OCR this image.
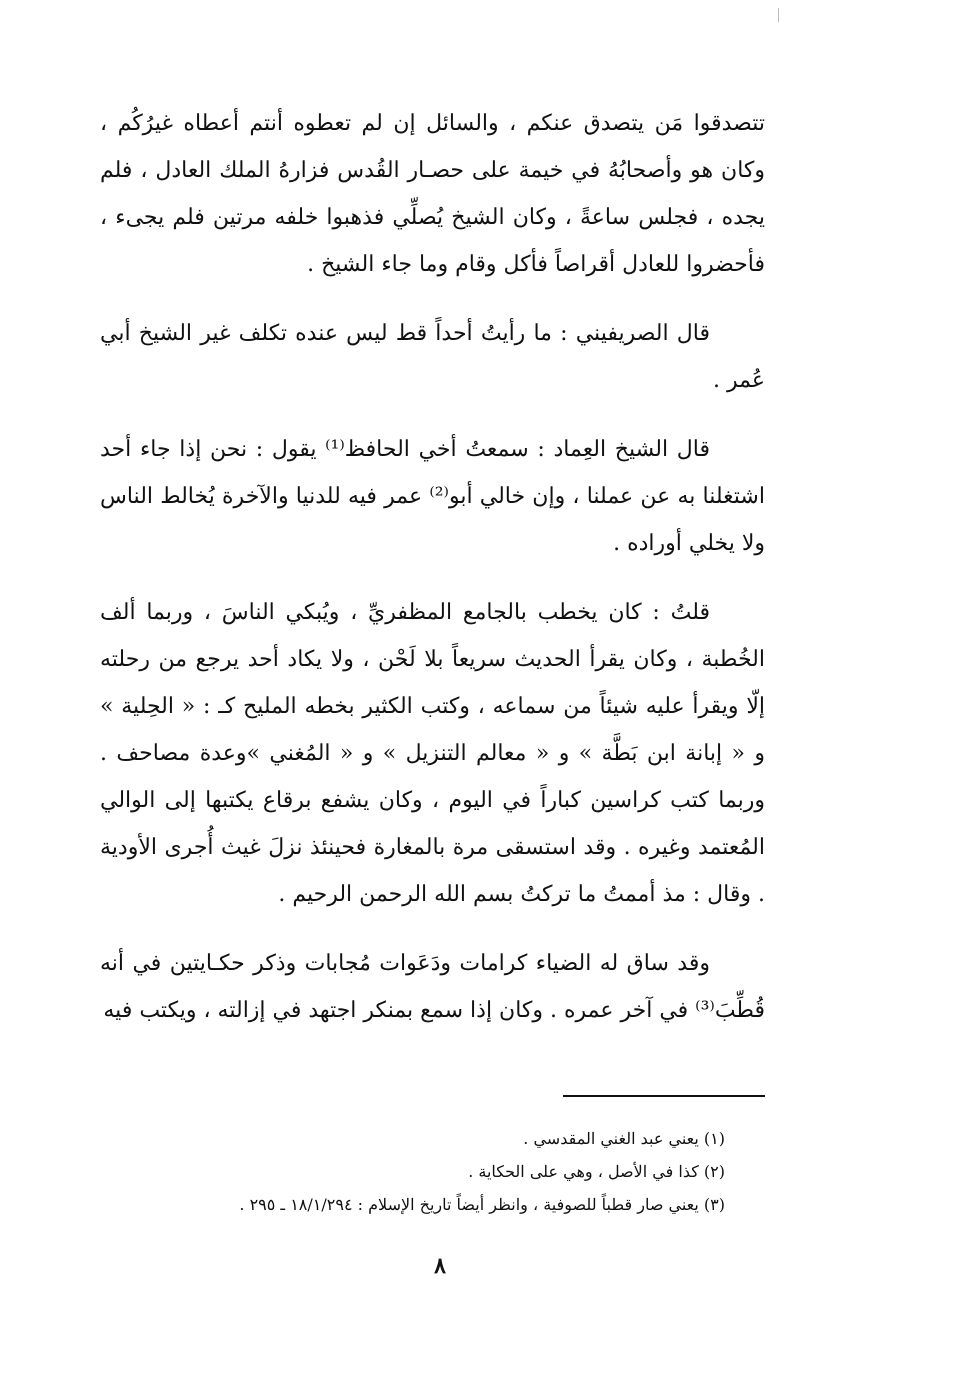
تتصدقوا مَن يتصدق عنكم ، والسائل إن لم تعطوه أنتم أعطاه غيرُكُم ، وكان هو وأصحابُهُ في خيمة على حصـار القُدس فزارهُ الملك العادل ، فلم يجده ، فجلس ساعةً ، وكان الشيخ يُصلِّي فذهبوا خلفه مرتين فلم يجىء ، فأحضروا للعادل أقراصاً فأكل وقام وما جاء الشيخ .

قال الصريفيني : ما رأيتُ أحداً قط ليس عنده تكلف غير الشيخ أبي عُمر .

قال الشيخ العِماد : سمعتُ أخي الحافظ⁽¹⁾ يقول : نحن إذا جاء أحد اشتغلنا به عن عملنا ، وإن خالي أبو⁽²⁾ عمر فيه للدنيا والآخرة يُخالط الناس ولا يخلي أوراده .

قلتُ : كان يخطب بالجامع المظفريِّ ، ويُبكي الناسَ ، وربما ألف الخُطبة ، وكان يقرأ الحديث سريعاً بلا لَحْن ، ولا يكاد أحد يرجع من رحلته إلّا ويقرأ عليه شيئاً من سماعه ، وكتب الكثير بخطه المليح كـ : « الحِلية » و « إبانة ابن بَطَّة » و « معالم التنزيل » و « المُغني »وعدة مصاحف . وربما كتب كراسين كباراً في اليوم ، وكان يشفع برقاع يكتبها إلى الوالي المُعتمد وغيره . وقد استسقى مرة بالمغارة فحينئذ نزلَ غيث أُجرى الأودية . وقال : مذ أممتُ ما تركتُ بسم الله الرحمن الرحيم .

وقد ساق له الضياء كرامات ودَعَوات مُجابات وذكر حكـايتين في أنه قُطِّبَ⁽³⁾ في آخر عمره . وكان إذا سمع بمنكر اجتهد في إزالته ، ويكتب فيه

(١) يعني عبد الغني المقدسي .

(٢) كذا في الأصل ، وهي على الحكاية .

(٣) يعني صار قطباً للصوفية ، وانظر أيضاً تاريخ الإسلام : ١٨/١/٢٩٤ ـ ٢٩٥ .

٨
